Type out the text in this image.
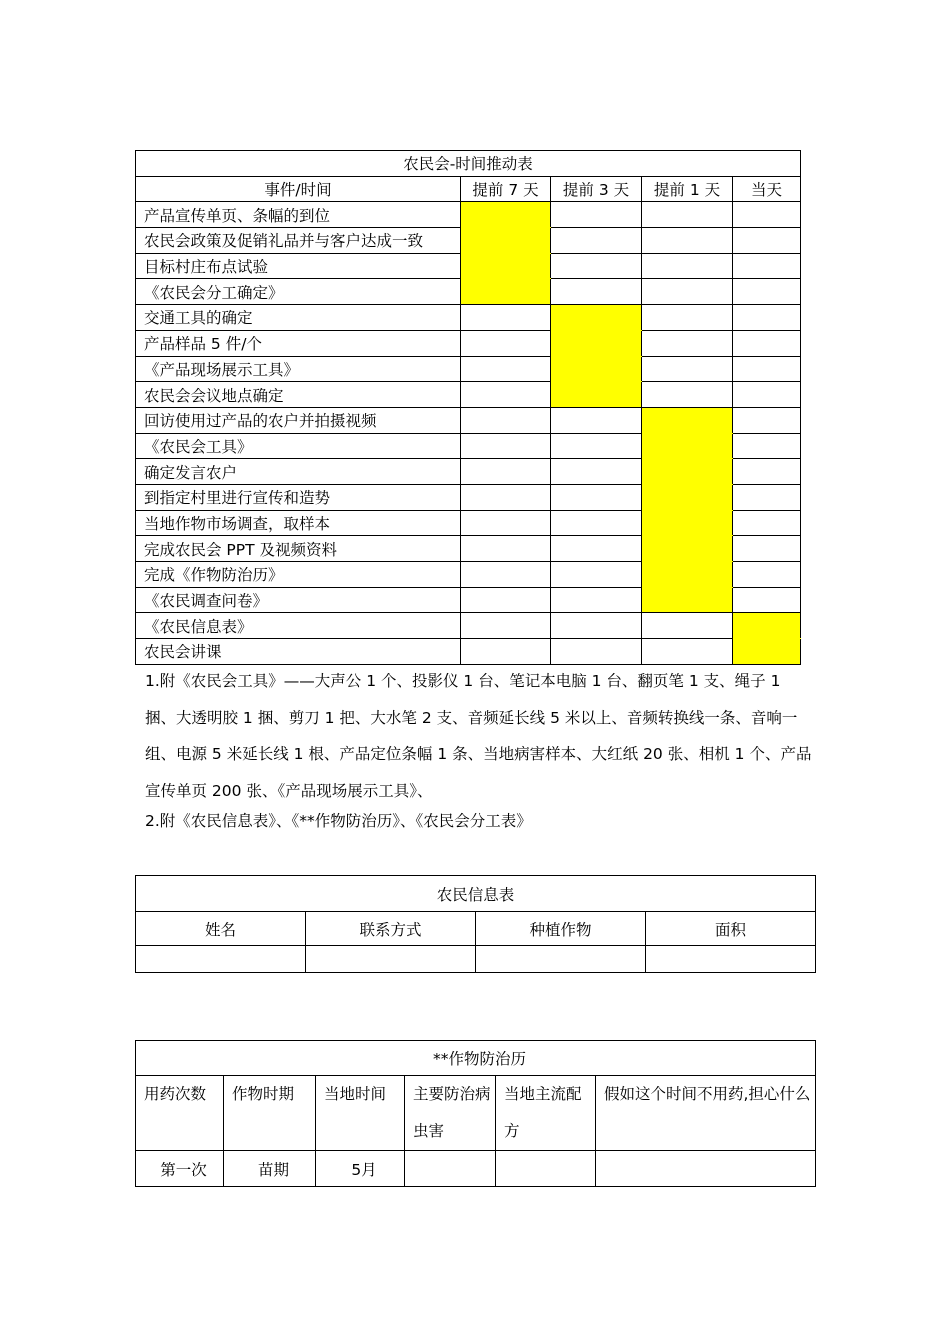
农民会-时间推动表				
事件/时间	提前 7 天	提前 3 天	提前 1 天	当天
产品宣传单页、条幅的到位				
农民会政策及促销礼品并与客户达成一致				
目标村庄布点试验				
《农民会分工确定》				
交通工具的确定				
产品样品 5 件/个				
《产品现场展示工具》				
农民会会议地点确定				
回访使用过产品的农户并拍摄视频				
《农民会工具》				
确定发言农户				
到指定村里进行宣传和造势				
当地作物市场调查，取样本				
完成农民会 PPT 及视频资料				
完成《作物防治历》				
《农民调查问卷》				
《农民信息表》				
农民会讲课				
1.附《农民会工具》——大声公 1 个、投影仪 1 台、笔记本电脑 1 台、翻页笔 1 支、绳子 1 捆、大透明胶 1 捆、剪刀 1 把、大水笔 2 支、音频延长线 5 米以上、音频转换线一条、音响一组、电源 5 米延长线 1 根、产品定位条幅 1 条、当地病害样本、大红纸 20 张、相机 1 个、产品宣传单页 200 张、《产品现场展示工具》、
2.附《农民信息表》、《**作物防治历》、《农民会分工表》
农民信息表			
姓名	联系方式	种植作物	面积

**作物防治历					
用药次数	作物时期	当地时间	主要防治病虫害	当地主流配方	假如这个时间不用药,担心什么
第一次	苗期	5月			
